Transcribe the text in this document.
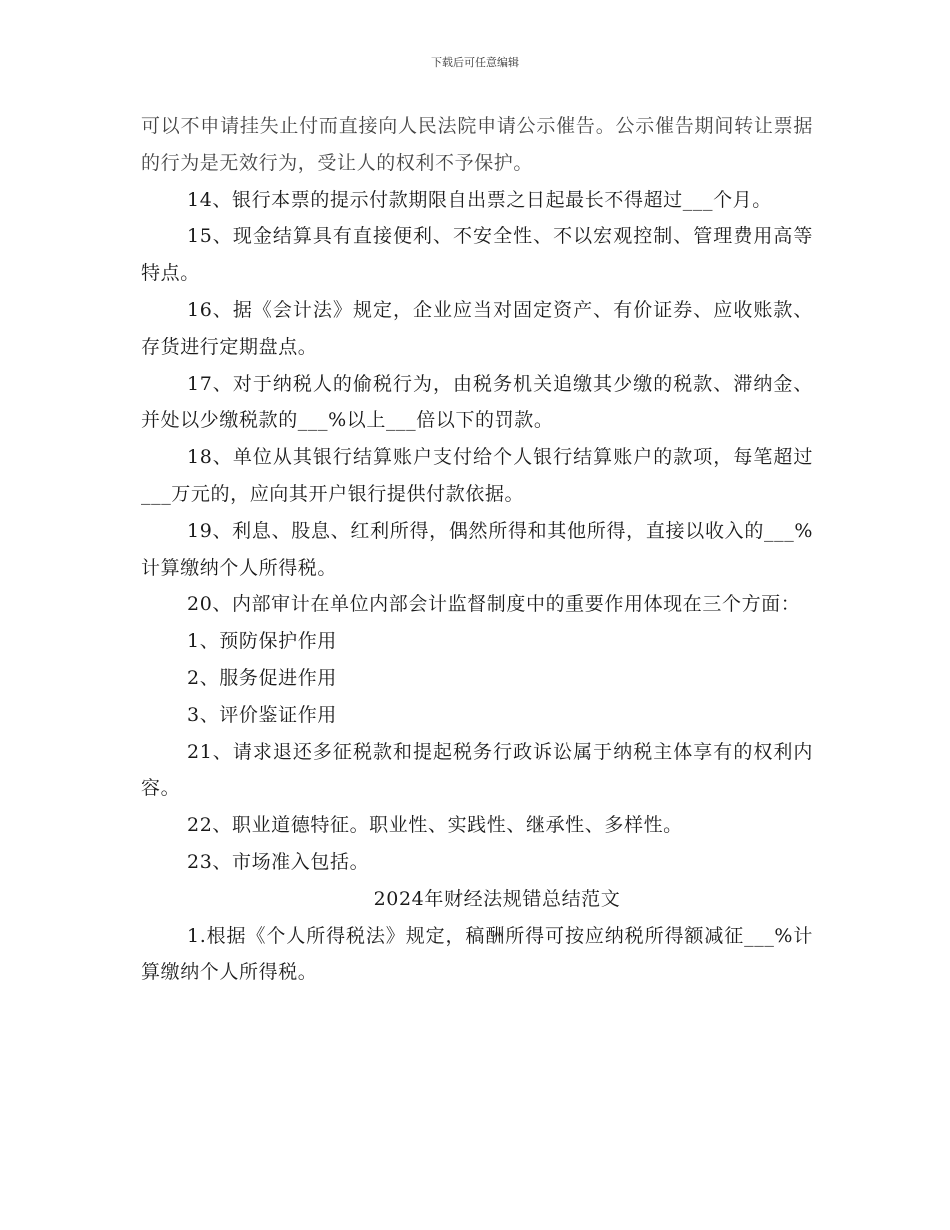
下载后可任意编辑

可以不申请挂失止付而直接向人民法院申请公示催告。公示催告期间转让票据的行为是无效行为，受让人的权利不予保护。

14、银行本票的提示付款期限自出票之日起最长不得超过___个月。

15、现金结算具有直接便利、不安全性、不以宏观控制、管理费用高等特点。

16、据《会计法》规定，企业应当对固定资产、有价证券、应收账款、存货进行定期盘点。

17、对于纳税人的偷税行为，由税务机关追缴其少缴的税款、滞纳金、并处以少缴税款的___%以上___倍以下的罚款。

18、单位从其银行结算账户支付给个人银行结算账户的款项，每笔超过___万元的，应向其开户银行提供付款依据。

19、利息、股息、红利所得，偶然所得和其他所得，直接以收入的___%计算缴纳个人所得税。

20、内部审计在单位内部会计监督制度中的重要作用体现在三个方面：

1、预防保护作用

2、服务促进作用

3、评价鉴证作用

21、请求退还多征税款和提起税务行政诉讼属于纳税主体享有的权利内容。

22、职业道德特征。职业性、实践性、继承性、多样性。

23、市场准入包括。

2024年财经法规错总结范文

1.根据《个人所得税法》规定，稿酬所得可按应纳税所得额减征___%计算缴纳个人所得税。
